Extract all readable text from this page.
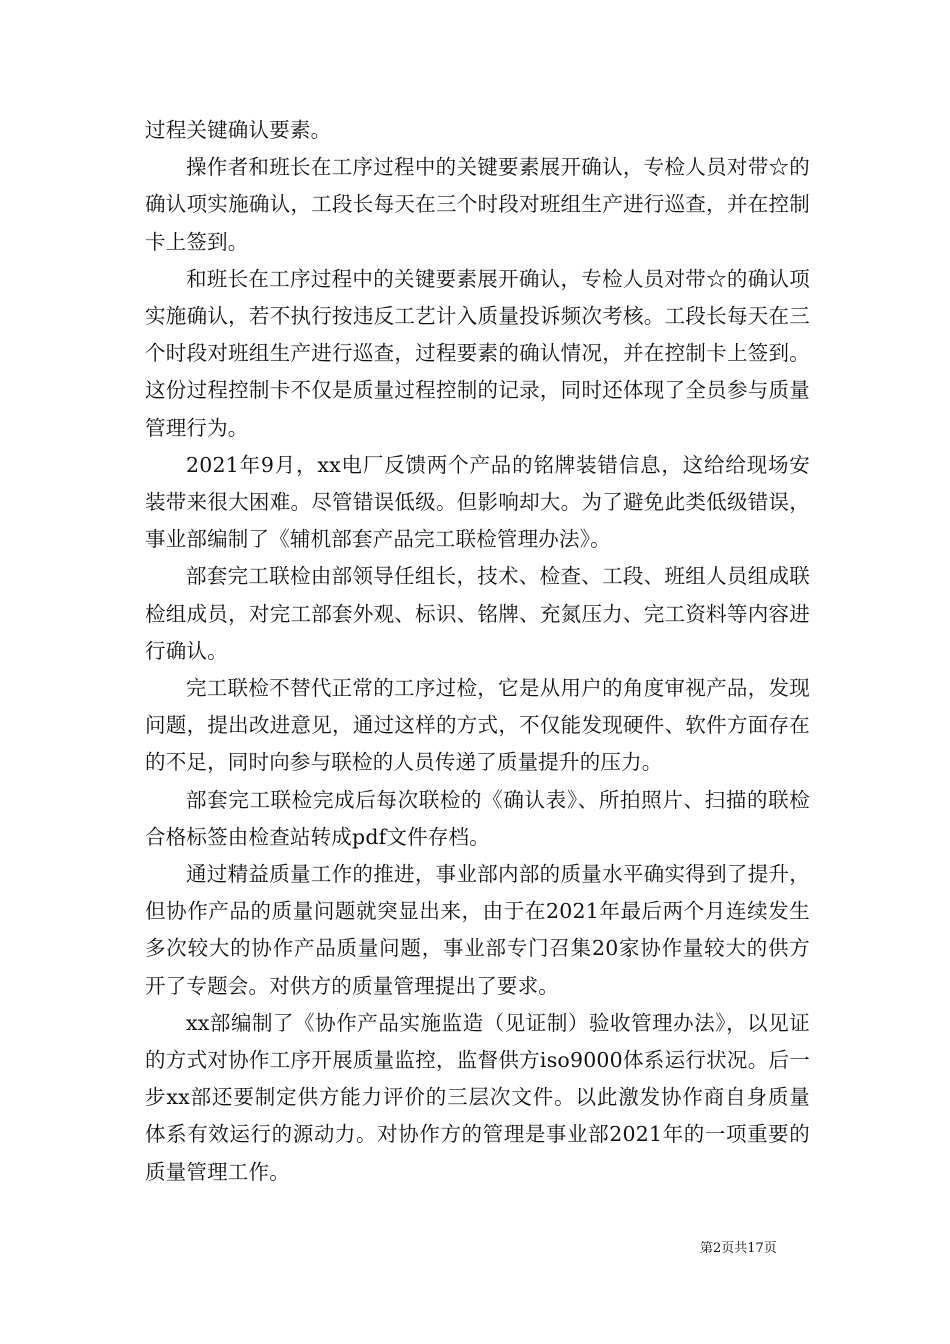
过程关键确认要素。

操作者和班长在工序过程中的关键要素展开确认，专检人员对带☆的确认项实施确认，工段长每天在三个时段对班组生产进行巡查，并在控制卡上签到。

和班长在工序过程中的关键要素展开确认，专检人员对带☆的确认项实施确认，若不执行按违反工艺计入质量投诉频次考核。工段长每天在三个时段对班组生产进行巡查，过程要素的确认情况，并在控制卡上签到。这份过程控制卡不仅是质量过程控制的记录，同时还体现了全员参与质量管理行为。

2021年9月，xx电厂反馈两个产品的铭牌装错信息，这给给现场安装带来很大困难。尽管错误低级。但影响却大。为了避免此类低级错误，事业部编制了《辅机部套产品完工联检管理办法》。

部套完工联检由部领导任组长，技术、检查、工段、班组人员组成联检组成员，对完工部套外观、标识、铭牌、充氮压力、完工资料等内容进行确认。

完工联检不替代正常的工序过检，它是从用户的角度审视产品，发现问题，提出改进意见，通过这样的方式，不仅能发现硬件、软件方面存在的不足，同时向参与联检的人员传递了质量提升的压力。

部套完工联检完成后每次联检的《确认表》、所拍照片、扫描的联检合格标签由检查站转成pdf文件存档。

通过精益质量工作的推进，事业部内部的质量水平确实得到了提升，但协作产品的质量问题就突显出来，由于在2021年最后两个月连续发生多次较大的协作产品质量问题，事业部专门召集20家协作量较大的供方开了专题会。对供方的质量管理提出了要求。

xx部编制了《协作产品实施监造（见证制）验收管理办法》，以见证的方式对协作工序开展质量监控，监督供方iso9000体系运行状况。后一步xx部还要制定供方能力评价的三层次文件。以此激发协作商自身质量体系有效运行的源动力。对协作方的管理是事业部2021年的一项重要的质量管理工作。

第2页共17页
